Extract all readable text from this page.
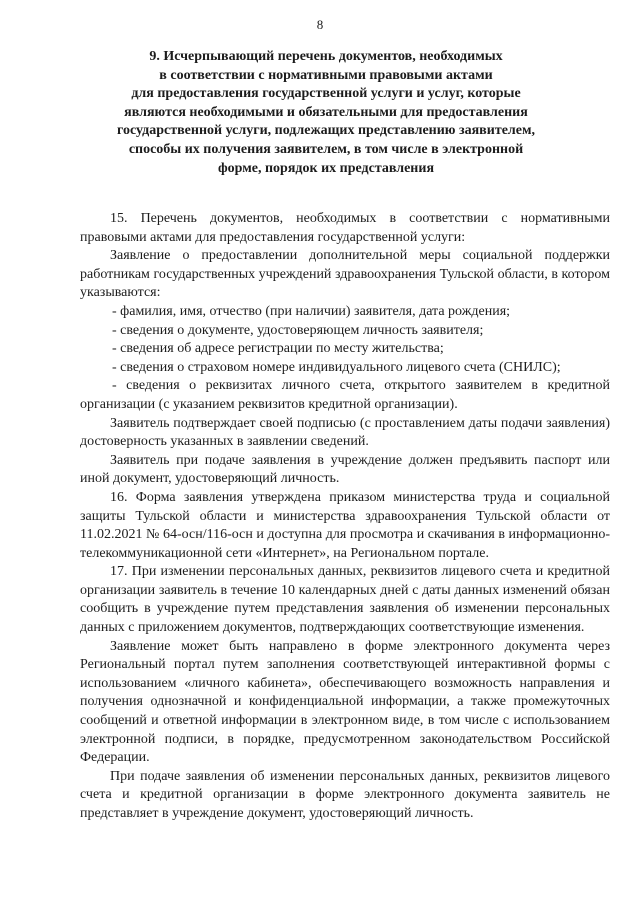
8
9. Исчерпывающий перечень документов, необходимых
в соответствии с нормативными правовыми актами
для предоставления государственной услуги и услуг, которые
являются необходимыми и обязательными для предоставления
государственной услуги, подлежащих представлению заявителем,
способы их получения заявителем, в том числе в электронной
форме, порядок их представления

15. Перечень документов, необходимых в соответствии с нормативными правовыми актами для предоставления государственной услуги:

Заявление о предоставлении дополнительной меры социальной поддержки работникам государственных учреждений здравоохранения Тульской области, в котором указываются:

- фамилия, имя, отчество (при наличии) заявителя, дата рождения;

- сведения о документе, удостоверяющем личность заявителя;

- сведения об адресе регистрации по месту жительства;

- сведения о страховом номере индивидуального лицевого счета (СНИЛС);

- сведения о реквизитах личного счета, открытого заявителем в кредитной организации (с указанием реквизитов кредитной организации).

Заявитель подтверждает своей подписью (с проставлением даты подачи заявления) достоверность указанных в заявлении сведений.

Заявитель при подаче заявления в учреждение должен предъявить паспорт или иной документ, удостоверяющий личность.

16. Форма заявления утверждена приказом министерства труда и социальной защиты Тульской области и министерства здравоохранения Тульской области от 11.02.2021 № 64-осн/116-осн и доступна для просмотра и скачивания в информационно-телекоммуникационной сети «Интернет», на Региональном портале.

17. При изменении персональных данных, реквизитов лицевого счета и кредитной организации заявитель в течение 10 календарных дней с даты данных изменений обязан сообщить в учреждение путем представления заявления об изменении персональных данных с приложением документов, подтверждающих соответствующие изменения.

Заявление может быть направлено в форме электронного документа через Региональный портал путем заполнения соответствующей интерактивной формы с использованием «личного кабинета», обеспечивающего возможность направления и получения однозначной и конфиденциальной информации, а также промежуточных сообщений и ответной информации в электронном виде, в том числе с использованием электронной подписи, в порядке, предусмотренном законодательством Российской Федерации.

При подаче заявления об изменении персональных данных, реквизитов лицевого счета и кредитной организации в форме электронного документа заявитель не представляет в учреждение документ, удостоверяющий личность.
